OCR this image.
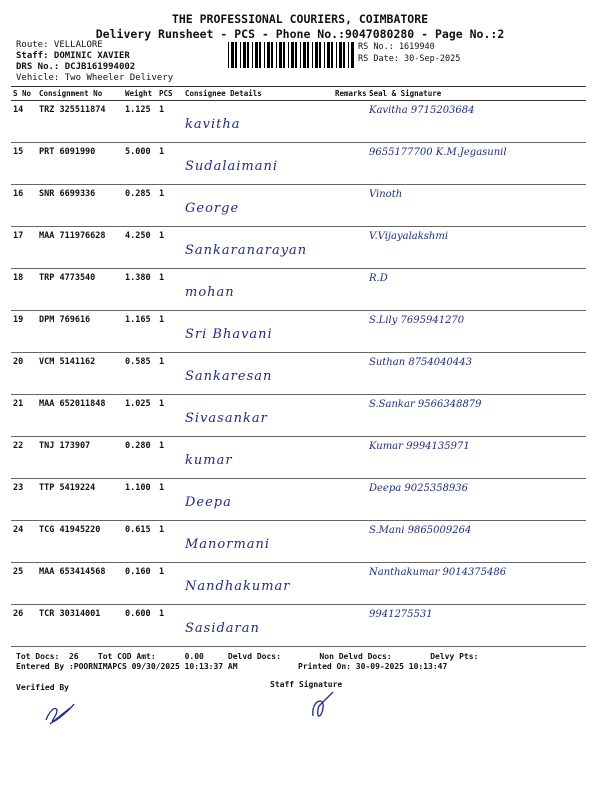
THE PROFESSIONAL COURIERS, COIMBATORE
Delivery Runsheet - PCS - Phone No.:9047080280 - Page No.:2
Route: VELLALORE
Staff: DOMINIC XAVIER
DRS No.: DCJB161994002
Vehicle: Two Wheeler Delivery
RS No.: 1619940
RS Date: 30-Sep-2025
S No	Consignment No	Weight	PCS	Consignee Details	Remarks	Seal & Signature
14	TRZ 325511874	1.125	1	kavitha		Kavitha 9715203684

15	PRT 6091990	5.000	1	Sudalaimani		9655177700 K.M.Jegasunil

16	SNR 6699336	0.285	1	George		Vinoth

17	MAA 711976628	4.250	1	Sankaranarayan		V.Vijayalakshmi

18	TRP 4773540	1.380	1	mohan		R.D

19	DPM 769616	1.165	1	Sri Bhavani		S.Lily 7695941270

20	VCM 5141162	0.585	1	Sankaresan		Suthan 8754040443

21	MAA 652011848	1.025	1	Sivasankar		S.Sankar 9566348879

22	TNJ 173907	0.280	1	kumar		Kumar 9994135971

23	TTP 5419224	1.100	1	Deepa		Deepa 9025358936

24	TCG 41945220	0.615	1	Manormani		S.Mani 9865009264

25	MAA 653414568	0.160	1	Nandhakumar		Nanthakumar 9014375486

26	TCR 30314001	0.600	1	Sasidaran		9941275531
Tot Docs:  26    Tot COD Amt:      0.00     Delvd Docs:        Non Delvd Docs:        Delvy Pts:
Entered By :POORNIMAPCS 09/30/2025 10:13:37 AM	Printed On: 30-09-2025 10:13:47
Verified By	Staff Signature
